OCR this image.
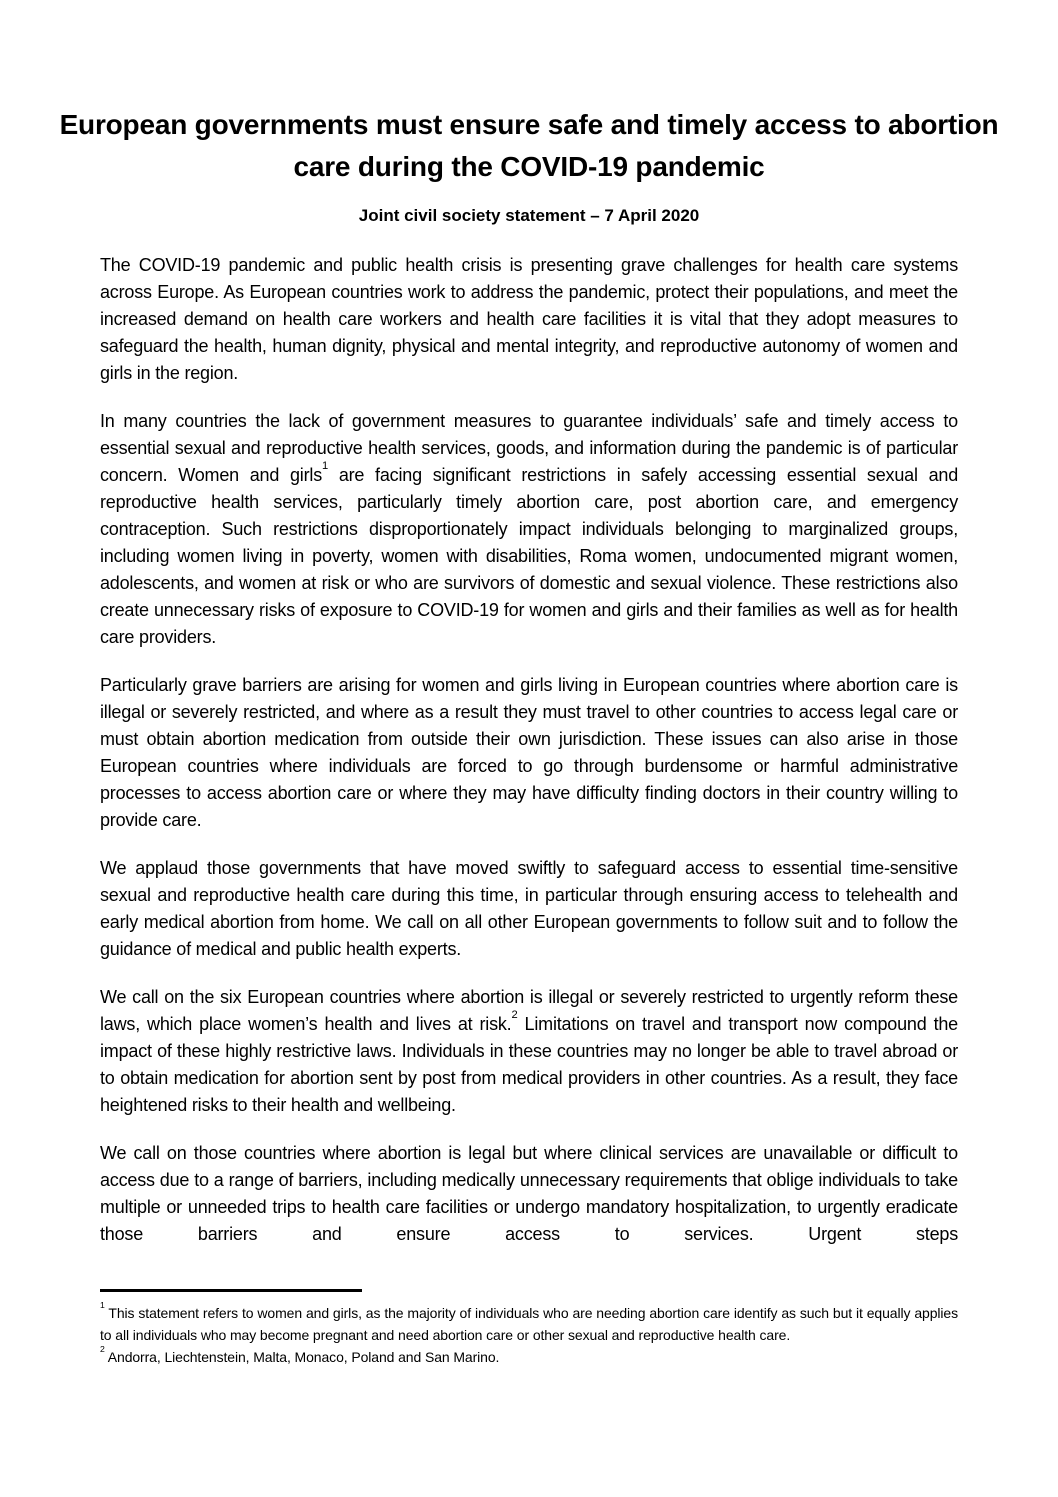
European governments must ensure safe and timely access to abortion care during the COVID-19 pandemic
Joint civil society statement – 7 April 2020

The COVID-19 pandemic and public health crisis is presenting grave challenges for health care systems across Europe. As European countries work to address the pandemic, protect their populations, and meet the increased demand on health care workers and health care facilities it is vital that they adopt measures to safeguard the health, human dignity, physical and mental integrity, and reproductive autonomy of women and girls in the region.

In many countries the lack of government measures to guarantee individuals’ safe and timely access to essential sexual and reproductive health services, goods, and information during the pandemic is of particular concern. Women and girls$^1$ are facing significant restrictions in safely accessing essential sexual and reproductive health services, particularly timely abortion care, post abortion care, and emergency contraception. Such restrictions disproportionately impact individuals belonging to marginalized groups, including women living in poverty, women with disabilities, Roma women, undocumented migrant women, adolescents, and women at risk or who are survivors of domestic and sexual violence. These restrictions also create unnecessary risks of exposure to COVID-19 for women and girls and their families as well as for health care providers.

Particularly grave barriers are arising for women and girls living in European countries where abortion care is illegal or severely restricted, and where as a result they must travel to other countries to access legal care or must obtain abortion medication from outside their own jurisdiction. These issues can also arise in those European countries where individuals are forced to go through burdensome or harmful administrative processes to access abortion care or where they may have difficulty finding doctors in their country willing to provide care.

We applaud those governments that have moved swiftly to safeguard access to essential time-sensitive sexual and reproductive health care during this time, in particular through ensuring access to telehealth and early medical abortion from home. We call on all other European governments to follow suit and to follow the guidance of medical and public health experts.

We call on the six European countries where abortion is illegal or severely restricted to urgently reform these laws, which place women’s health and lives at risk.$^2$ Limitations on travel and transport now compound the impact of these highly restrictive laws. Individuals in these countries may no longer be able to travel abroad or to obtain medication for abortion sent by post from medical providers in other countries. As a result, they face heightened risks to their health and wellbeing.

We call on those countries where abortion is legal but where clinical services are unavailable or difficult to access due to a range of barriers, including medically unnecessary requirements that oblige individuals to take multiple or unneeded trips to health care facilities or undergo mandatory hospitalization, to urgently eradicate those barriers and ensure access to services. Urgent steps

$^1$ This statement refers to women and girls, as the majority of individuals who are needing abortion care identify as such but it equally applies to all individuals who may become pregnant and need abortion care or other sexual and reproductive health care.

$^2$ Andorra, Liechtenstein, Malta, Monaco, Poland and San Marino.
